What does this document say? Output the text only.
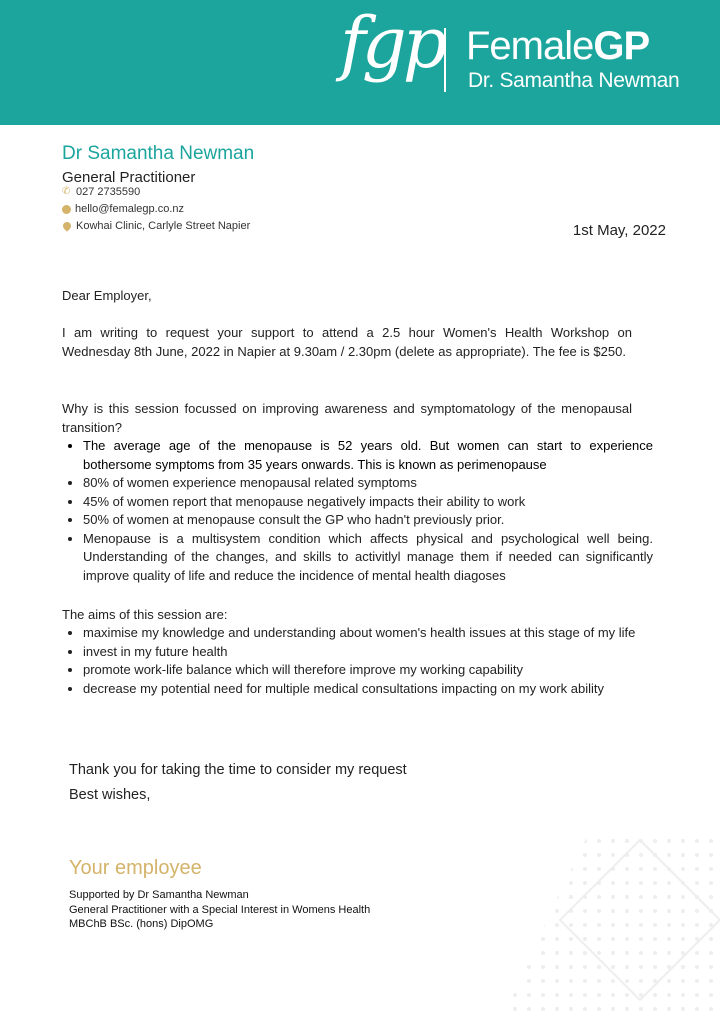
fgp FemaleGP
Dr. Samantha Newman
Dr Samantha Newman
General Practitioner
✆ 027 2735590
hello@femalegp.co.nz
Kowhai Clinic, Carlyle Street Napier	1st May, 2022
Dear Employer,
I am writing to request your support to attend a 2.5 hour Women's Health Workshop on Wednesday 8th June, 2022 in Napier at 9.30am / 2.30pm (delete as appropriate). The fee is $250.
Why is this session focussed on improving awareness and symptomatology of the menopausal transition?
• The average age of the menopause is 52 years old. But women can start to experience bothersome symptoms from 35 years onwards. This is known as perimenopause
• 80% of women experience menopausal related symptoms
• 45% of women report that menopause negatively impacts their ability to work
• 50% of women at menopause consult the GP who hadn't previously prior.
• Menopause is a multisystem condition which affects physical and psychological well being. Understanding of the changes, and skills to activitlyl manage them if needed can significantly improve quality of life and reduce the incidence of mental health diagoses
The aims of this session are:
• maximise my knowledge and understanding about women's health issues at this stage of my life
• invest in my future health
• promote work-life balance which will therefore improve my working capability
• decrease my potential need for multiple medical consultations impacting on my work ability
Thank you for taking the time to consider my request
Best wishes,
Your employee
Supported by Dr Samantha Newman
General Practitioner with a Special Interest in Womens Health
MBChB BSc. (hons) DipOMG
